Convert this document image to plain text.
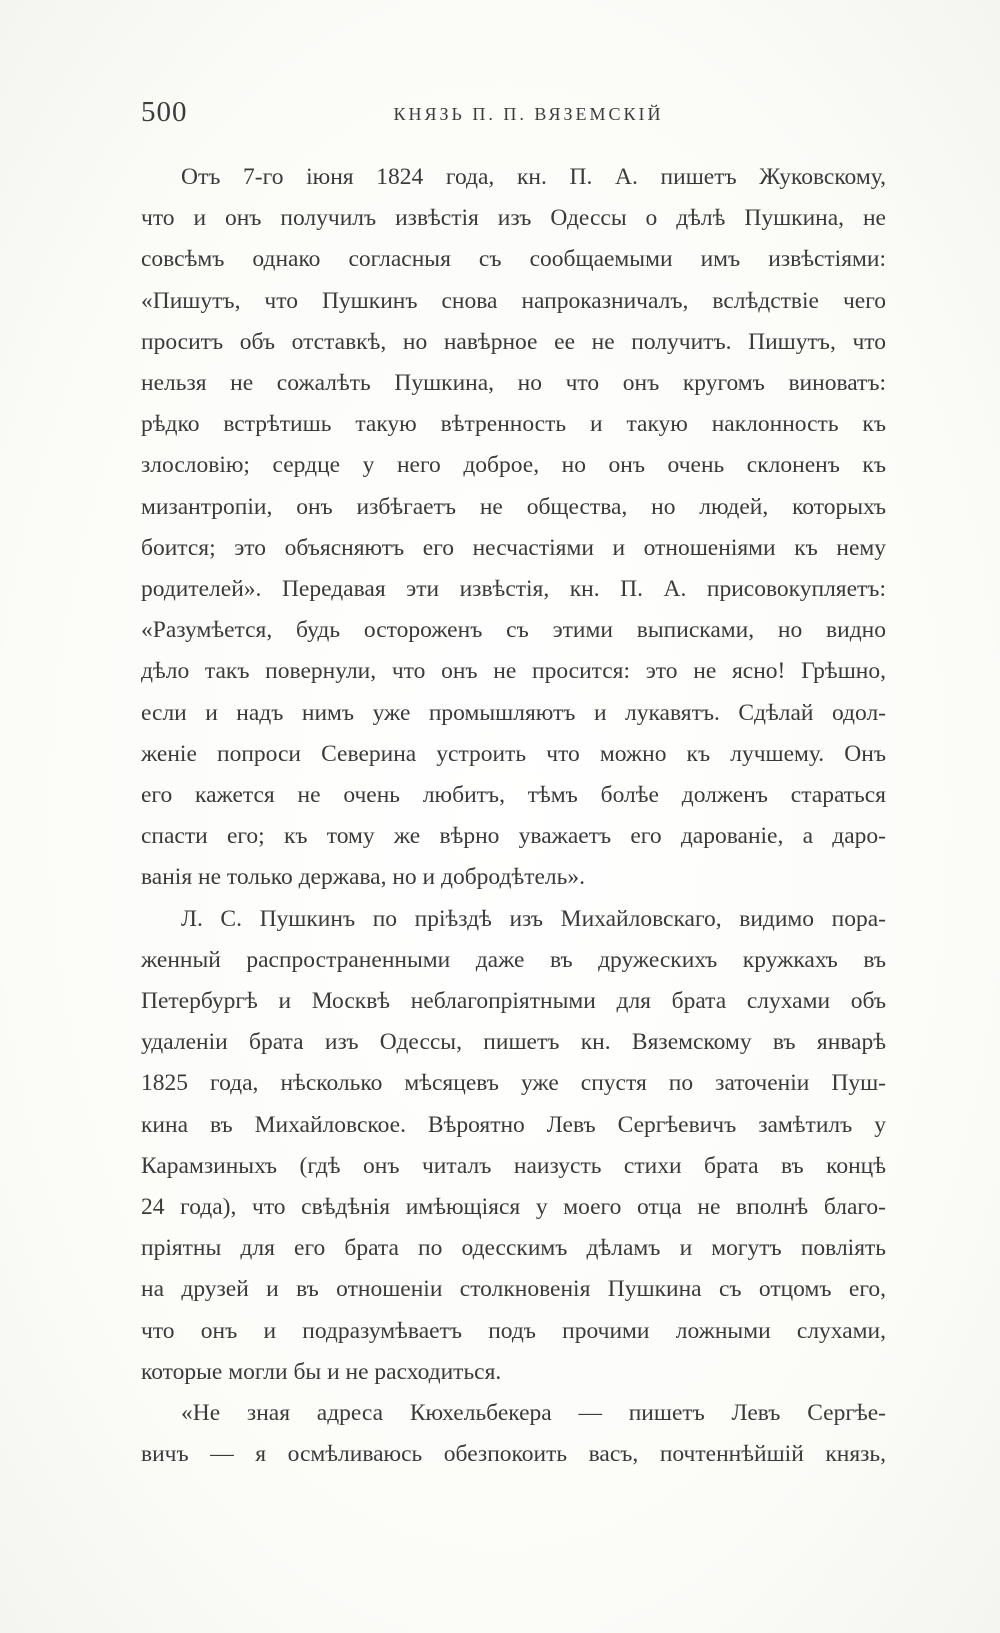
500	КНЯЗЬ П. П. ВЯЗЕМСКІЙ
Отъ 7-го іюня 1824 года, кн. П. А. пишетъ Жуковскому,
что и онъ получилъ извѣстія изъ Одессы о дѣлѣ Пушкина, не
совсѣмъ однако согласныя съ сообщаемыми имъ извѣстіями:
«Пишутъ, что Пушкинъ снова напроказничалъ, вслѣдствіе чего
проситъ объ отставкѣ, но навѣрное ее не получитъ. Пишутъ, что
нельзя не сожалѣть Пушкина, но что онъ кругомъ виноватъ:
рѣдко встрѣтишь такую вѣтренность и такую наклонность къ
злословію; сердце у него доброе, но онъ очень склоненъ къ
мизантропіи, онъ избѣгаетъ не общества, но людей, которыхъ
боится; это объясняютъ его несчастіями и отношеніями къ нему
родителей». Передавая эти извѣстія, кн. П. А. присовокупляетъ:
«Разумѣется, будь остороженъ съ этими выписками, но видно
дѣло такъ повернули, что онъ не просится: это не ясно! Грѣшно,
если и надъ нимъ уже промышляютъ и лукавятъ. Сдѣлай одол-
женіе попроси Северина устроить что можно къ лучшему. Онъ
его кажется не очень любитъ, тѣмъ болѣе долженъ стараться
спасти его; къ тому же вѣрно уважаетъ его дарованіе, а даро-
ванія не только держава, но и добродѣтель».
Л. С. Пушкинъ по пріѣздѣ изъ Михайловскаго, видимо пора-
женный распространенными даже въ дружескихъ кружкахъ въ
Петербургѣ и Москвѣ неблагопріятными для брата слухами объ
удаленіи брата изъ Одессы, пишетъ кн. Вяземскому въ январѣ
1825 года, нѣсколько мѣсяцевъ уже спустя по заточеніи Пуш-
кина въ Михайловское. Вѣроятно Левъ Сергѣевичъ замѣтилъ у
Карамзиныхъ (гдѣ онъ читалъ наизусть стихи брата въ концѣ
24 года), что свѣдѣнія имѣющіяся у моего отца не вполнѣ благо-
пріятны для его брата по одесскимъ дѣламъ и могутъ повліять
на друзей и въ отношеніи столкновенія Пушкина съ отцомъ его,
что онъ и подразумѣваетъ подъ прочими ложными слухами,
которые могли бы и не расходиться.
«Не зная адреса Кюхельбекера — пишетъ Левъ Сергѣе-
вичъ — я осмѣливаюсь обезпокоить васъ, почтеннѣйшій князь,
